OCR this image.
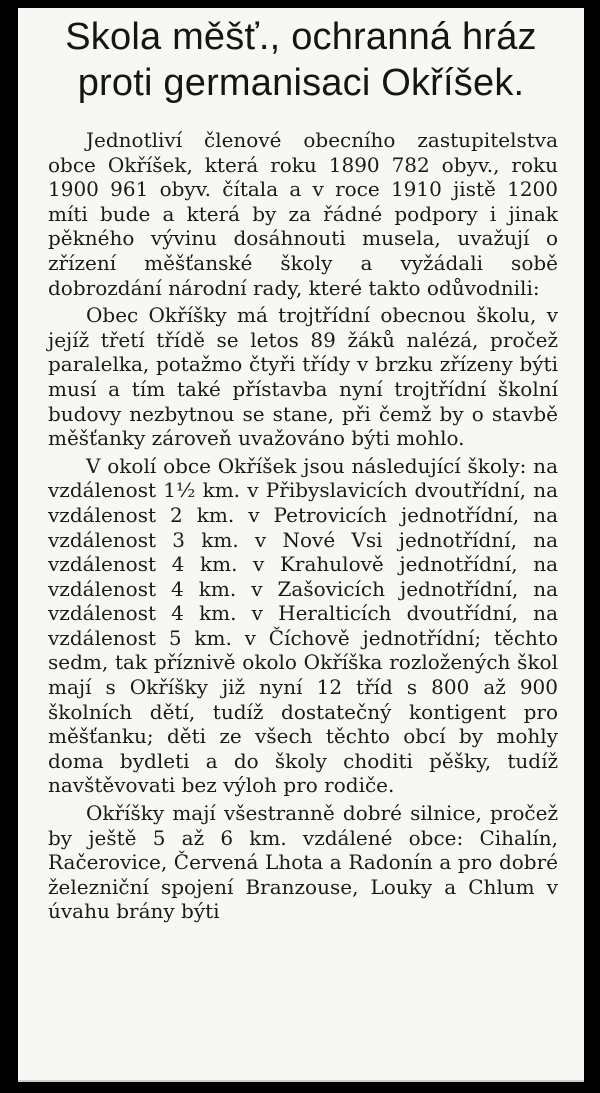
Skola měšť., ochranná hráz
proti germanisaci Okříšek.

Jednotliví členové obecního zastupitelstva obce Okříšek, která roku 1890 782 obyv., roku 1900 961 obyv. čítala a v roce 1910 jistě 1200 míti bude a která by za řádné podpory i jinak pěkného vývinu dosáhnouti musela, uvažují o zřízení měšťanské školy a vyžádali sobě dobrozdání národní rady, které takto odůvodnili:

Obec Okříšky má trojtřídní obecnou školu, v jejíž třetí třídě se letos 89 žáků nalézá, pročež paralelka, potažmo čtyři třídy v brzku zřízeny býti musí a tím také přístavba nyní trojtřídní školní budovy nezbytnou se stane, při čemž by o stavbě měšťanky zároveň uvažováno býti mohlo.

V okolí obce Okříšek jsou následující školy: na vzdálenost 1½ km. v Přibyslavicích dvoutřídní, na vzdálenost 2 km. v Petrovicích jednotřídní, na vzdálenost 3 km. v Nové Vsi jednotřídní, na vzdálenost 4 km. v Krahulově jednotřídní, na vzdálenost 4 km. v Zašovicích jednotřídní, na vzdálenost 4 km. v Heralticích dvoutřídní, na vzdálenost 5 km. v Číchově jednotřídní; těchto sedm, tak příznivě okolo Okříška rozložených škol mají s Okříšky již nyní 12 tříd s 800 až 900 školních dětí, tudíž dostatečný kontigent pro měšťanku; děti ze všech těchto obcí by mohly doma bydleti a do školy choditi pěšky, tudíž navštěvovati bez výloh pro rodiče.

Okříšky mají všestranně dobré silnice, pročež by ještě 5 až 6 km. vzdálené obce: Cihalín, Račerovice, Červená Lhota a Radonín a pro dobré železniční spojení Branzouse, Louky a Chlum v úvahu brány býti
